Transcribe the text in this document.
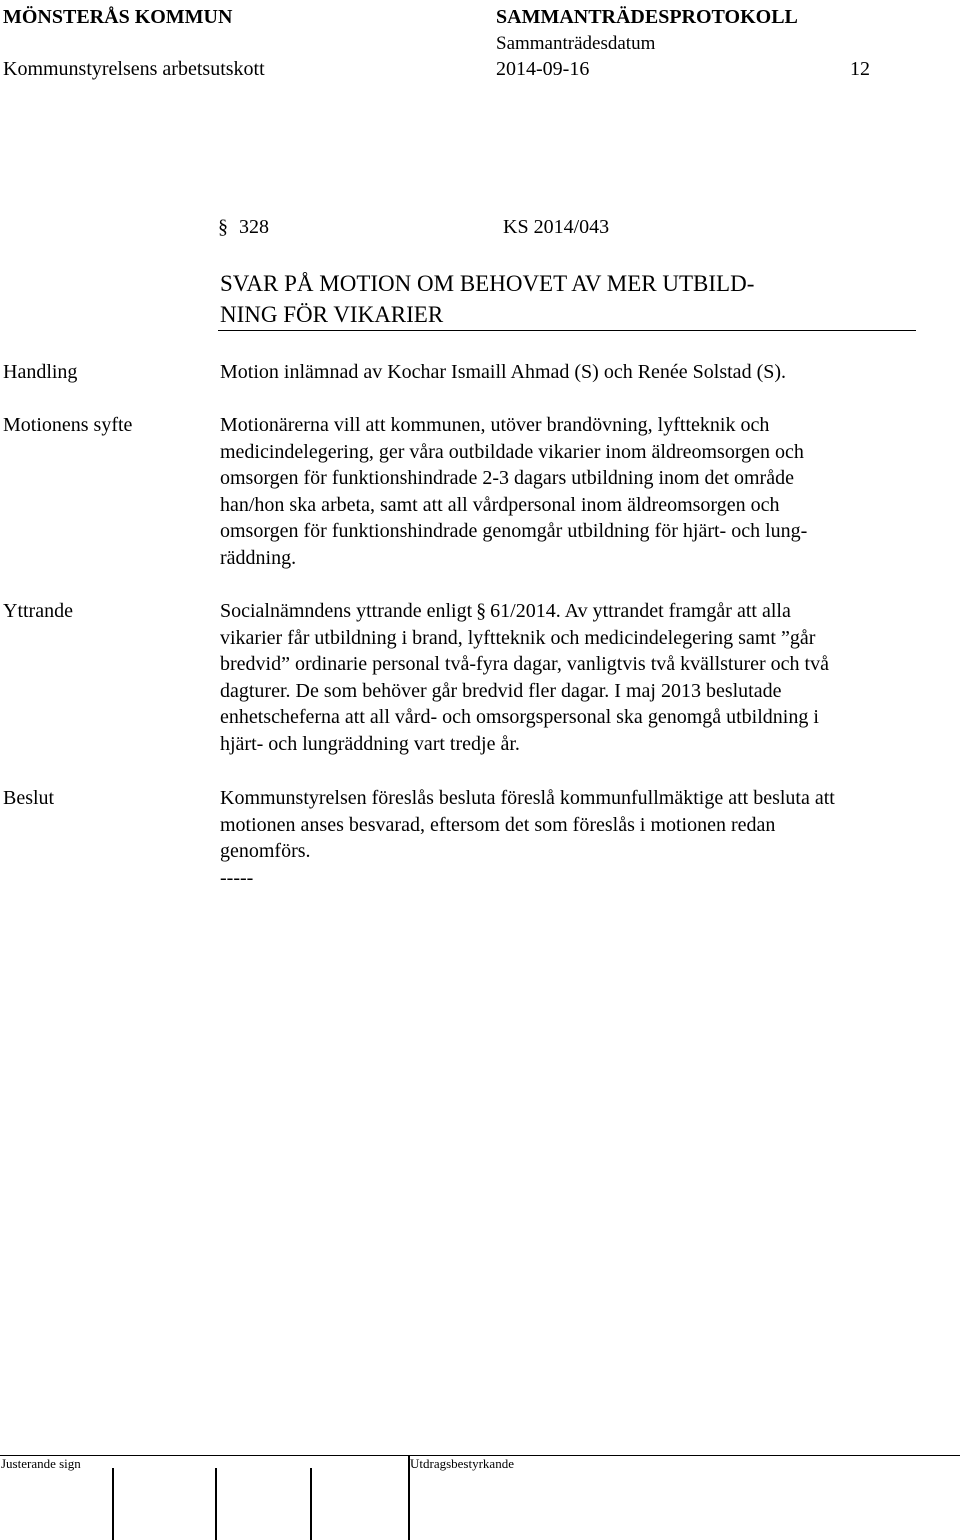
MÖNSTERÅS KOMMUN	SAMMANTRÄDESPROTOKOLL
Sammanträdesdatum
Kommunstyrelsens arbetsutskott	2014-09-16	12
§ 328	KS 2014/043
SVAR PÅ MOTION OM BEHOVET AV MER UTBILD-
NING FÖR VIKARIER
Handling	Motion inlämnad av Kochar Ismaill Ahmad (S) och Renée Solstad (S).
Motionens syfte	Motionärerna vill att kommunen, utöver brandövning, lyftteknik och
medicindelegering, ger våra outbildade vikarier inom äldreomsorgen och
omsorgen för funktionshindrade 2-3 dagars utbildning inom det område
han/hon ska arbeta, samt att all vårdpersonal inom äldreomsorgen och
omsorgen för funktionshindrade genomgår utbildning för hjärt- och lung-
räddning.
Yttrande	Socialnämndens yttrande enligt § 61/2014. Av yttrandet framgår att alla
vikarier får utbildning i brand, lyftteknik och medicindelegering samt ”går
bredvid” ordinarie personal två-fyra dagar, vanligtvis två kvällsturer och två
dagturer. De som behöver går bredvid fler dagar. I maj 2013 beslutade
enhetscheferna att all vård- och omsorgspersonal ska genomgå utbildning i
hjärt- och lungräddning vart tredje år.
Beslut	Kommunstyrelsen föreslås besluta föreslå kommunfullmäktige att besluta att
motionen anses besvarad, eftersom det som föreslås i motionen redan
genomförs.
-----
Justerande sign	Utdragsbestyrkande
